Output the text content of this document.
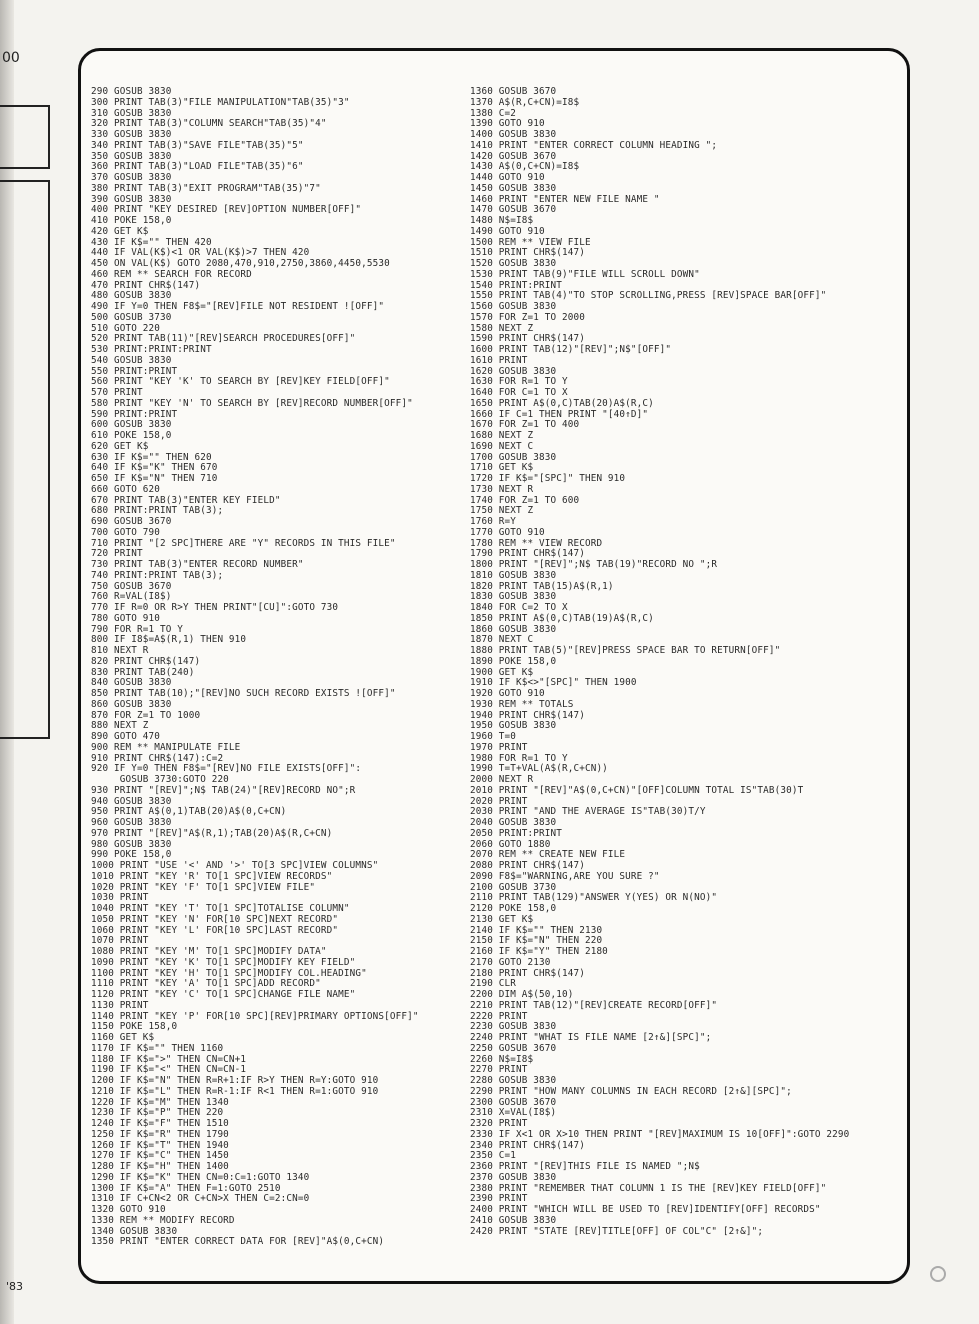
00
'83
290 GOSUB 3830
300 PRINT TAB(3)"FILE MANIPULATION"TAB(35)"3"
310 GOSUB 3830
320 PRINT TAB(3)"COLUMN SEARCH"TAB(35)"4"
330 GOSUB 3830
340 PRINT TAB(3)"SAVE FILE"TAB(35)"5"
350 GOSUB 3830
360 PRINT TAB(3)"LOAD FILE"TAB(35)"6"
370 GOSUB 3830
380 PRINT TAB(3)"EXIT PROGRAM"TAB(35)"7"
390 GOSUB 3830
400 PRINT "KEY DESIRED [REV]OPTION NUMBER[OFF]"
410 POKE 158,0
420 GET K$
430 IF K$="" THEN 420
440 IF VAL(K$)<1 OR VAL(K$)>7 THEN 420
450 ON VAL(K$) GOTO 2080,470,910,2750,3860,4450,5530
460 REM ** SEARCH FOR RECORD
470 PRINT CHR$(147)
480 GOSUB 3830
490 IF Y=0 THEN F8$="[REV]FILE NOT RESIDENT ![OFF]"
500 GOSUB 3730
510 GOTO 220
520 PRINT TAB(11)"[REV]SEARCH PROCEDURES[OFF]"
530 PRINT:PRINT:PRINT
540 GOSUB 3830
550 PRINT:PRINT
560 PRINT "KEY 'K' TO SEARCH BY [REV]KEY FIELD[OFF]"
570 PRINT
580 PRINT "KEY 'N' TO SEARCH BY [REV]RECORD NUMBER[OFF]"
590 PRINT:PRINT
600 GOSUB 3830
610 POKE 158,0
620 GET K$
630 IF K$="" THEN 620
640 IF K$="K" THEN 670
650 IF K$="N" THEN 710
660 GOTO 620
670 PRINT TAB(3)"ENTER KEY FIELD"
680 PRINT:PRINT TAB(3);
690 GOSUB 3670
700 GOTO 790
710 PRINT "[2 SPC]THERE ARE "Y" RECORDS IN THIS FILE"
720 PRINT
730 PRINT TAB(3)"ENTER RECORD NUMBER"
740 PRINT:PRINT TAB(3);
750 GOSUB 3670
760 R=VAL(I8$)
770 IF R=0 OR R>Y THEN PRINT"[CU]":GOTO 730
780 GOTO 910
790 FOR R=1 TO Y
800 IF I8$=A$(R,1) THEN 910
810 NEXT R
820 PRINT CHR$(147)
830 PRINT TAB(240)
840 GOSUB 3830
850 PRINT TAB(10);"[REV]NO SUCH RECORD EXISTS ![OFF]"
860 GOSUB 3830
870 FOR Z=1 TO 1000
880 NEXT Z
890 GOTO 470
900 REM ** MANIPULATE FILE
910 PRINT CHR$(147):C=2
920 IF Y=0 THEN F8$="[REV]NO FILE EXISTS[OFF]":
GOSUB 3730:GOTO 220
930 PRINT "[REV]";N$ TAB(24)"[REV]RECORD NO";R
940 GOSUB 3830
950 PRINT A$(0,1)TAB(20)A$(0,C+CN)
960 GOSUB 3830
970 PRINT "[REV]"A$(R,1);TAB(20)A$(R,C+CN)
980 GOSUB 3830
990 POKE 158,0
1000 PRINT "USE '<' AND '>' TO[3 SPC]VIEW COLUMNS"
1010 PRINT "KEY 'R' TO[1 SPC]VIEW RECORDS"
1020 PRINT "KEY 'F' TO[1 SPC]VIEW FILE"
1030 PRINT
1040 PRINT "KEY 'T' TO[1 SPC]TOTALISE COLUMN"
1050 PRINT "KEY 'N' FOR[10 SPC]NEXT RECORD"
1060 PRINT "KEY 'L' FOR[10 SPC]LAST RECORD"
1070 PRINT
1080 PRINT "KEY 'M' TO[1 SPC]MODIFY DATA"
1090 PRINT "KEY 'K' TO[1 SPC]MODIFY KEY FIELD"
1100 PRINT "KEY 'H' TO[1 SPC]MODIFY COL.HEADING"
1110 PRINT "KEY 'A' TO[1 SPC]ADD RECORD"
1120 PRINT "KEY 'C' TO[1 SPC]CHANGE FILE NAME"
1130 PRINT
1140 PRINT "KEY 'P' FOR[10 SPC][REV]PRIMARY OPTIONS[OFF]"
1150 POKE 158,0
1160 GET K$
1170 IF K$="" THEN 1160
1180 IF K$=">" THEN CN=CN+1
1190 IF K$="<" THEN CN=CN-1
1200 IF K$="N" THEN R=R+1:IF R>Y THEN R=Y:GOTO 910
1210 IF K$="L" THEN R=R-1:IF R<1 THEN R=1:GOTO 910
1220 IF K$="M" THEN 1340
1230 IF K$="P" THEN 220
1240 IF K$="F" THEN 1510
1250 IF K$="R" THEN 1790
1260 IF K$="T" THEN 1940
1270 IF K$="C" THEN 1450
1280 IF K$="H" THEN 1400
1290 IF K$="K" THEN CN=0:C=1:GOTO 1340
1300 IF K$="A" THEN F=1:GOTO 2510
1310 IF C+CN<2 OR C+CN>X THEN C=2:CN=0
1320 GOTO 910
1330 REM ** MODIFY RECORD
1340 GOSUB 3830
1350 PRINT "ENTER CORRECT DATA FOR [REV]"A$(0,C+CN)
1360 GOSUB 3670
1370 A$(R,C+CN)=I8$
1380 C=2
1390 GOTO 910
1400 GOSUB 3830
1410 PRINT "ENTER CORRECT COLUMN HEADING ";
1420 GOSUB 3670
1430 A$(0,C+CN)=I8$
1440 GOTO 910
1450 GOSUB 3830
1460 PRINT "ENTER NEW FILE NAME "
1470 GOSUB 3670
1480 N$=I8$
1490 GOTO 910
1500 REM ** VIEW FILE
1510 PRINT CHR$(147)
1520 GOSUB 3830
1530 PRINT TAB(9)"FILE WILL SCROLL DOWN"
1540 PRINT:PRINT
1550 PRINT TAB(4)"TO STOP SCROLLING,PRESS [REV]SPACE BAR[OFF]"
1560 GOSUB 3830
1570 FOR Z=1 TO 2000
1580 NEXT Z
1590 PRINT CHR$(147)
1600 PRINT TAB(12)"[REV]";N$"[OFF]"
1610 PRINT
1620 GOSUB 3830
1630 FOR R=1 TO Y
1640 FOR C=1 TO X
1650 PRINT A$(0,C)TAB(20)A$(R,C)
1660 IF C=1 THEN PRINT "[40↑D]"
1670 FOR Z=1 TO 400
1680 NEXT Z
1690 NEXT C
1700 GOSUB 3830
1710 GET K$
1720 IF K$="[SPC]" THEN 910
1730 NEXT R
1740 FOR Z=1 TO 600
1750 NEXT Z
1760 R=Y
1770 GOTO 910
1780 REM ** VIEW RECORD
1790 PRINT CHR$(147)
1800 PRINT "[REV]";N$ TAB(19)"RECORD NO ";R
1810 GOSUB 3830
1820 PRINT TAB(15)A$(R,1)
1830 GOSUB 3830
1840 FOR C=2 TO X
1850 PRINT A$(0,C)TAB(19)A$(R,C)
1860 GOSUB 3830
1870 NEXT C
1880 PRINT TAB(5)"[REV]PRESS SPACE BAR TO RETURN[OFF]"
1890 POKE 158,0
1900 GET K$
1910 IF K$<>"[SPC]" THEN 1900
1920 GOTO 910
1930 REM ** TOTALS
1940 PRINT CHR$(147)
1950 GOSUB 3830
1960 T=0
1970 PRINT
1980 FOR R=1 TO Y
1990 T=T+VAL(A$(R,C+CN))
2000 NEXT R
2010 PRINT "[REV]"A$(0,C+CN)"[OFF]COLUMN TOTAL IS"TAB(30)T
2020 PRINT
2030 PRINT "AND THE AVERAGE IS"TAB(30)T/Y
2040 GOSUB 3830
2050 PRINT:PRINT
2060 GOTO 1880
2070 REM ** CREATE NEW FILE
2080 PRINT CHR$(147)
2090 F8$="WARNING,ARE YOU SURE ?"
2100 GOSUB 3730
2110 PRINT TAB(129)"ANSWER Y(YES) OR N(NO)"
2120 POKE 158,0
2130 GET K$
2140 IF K$="" THEN 2130
2150 IF K$="N" THEN 220
2160 IF K$="Y" THEN 2180
2170 GOTO 2130
2180 PRINT CHR$(147)
2190 CLR
2200 DIM A$(50,10)
2210 PRINT TAB(12)"[REV]CREATE RECORD[OFF]"
2220 PRINT
2230 GOSUB 3830
2240 PRINT "WHAT IS FILE NAME [2↑&][SPC]";
2250 GOSUB 3670
2260 N$=I8$
2270 PRINT
2280 GOSUB 3830
2290 PRINT "HOW MANY COLUMNS IN EACH RECORD [2↑&][SPC]";
2300 GOSUB 3670
2310 X=VAL(I8$)
2320 PRINT
2330 IF X<1 OR X>10 THEN PRINT "[REV]MAXIMUM IS 10[OFF]":GOTO 2290
2340 PRINT CHR$(147)
2350 C=1
2360 PRINT "[REV]THIS FILE IS NAMED ";N$
2370 GOSUB 3830
2380 PRINT "REMEMBER THAT COLUMN 1 IS THE [REV]KEY FIELD[OFF]"
2390 PRINT
2400 PRINT "WHICH WILL BE USED TO [REV]IDENTIFY[OFF] RECORDS"
2410 GOSUB 3830
2420 PRINT "STATE [REV]TITLE[OFF] OF COL"C" [2↑&]";
